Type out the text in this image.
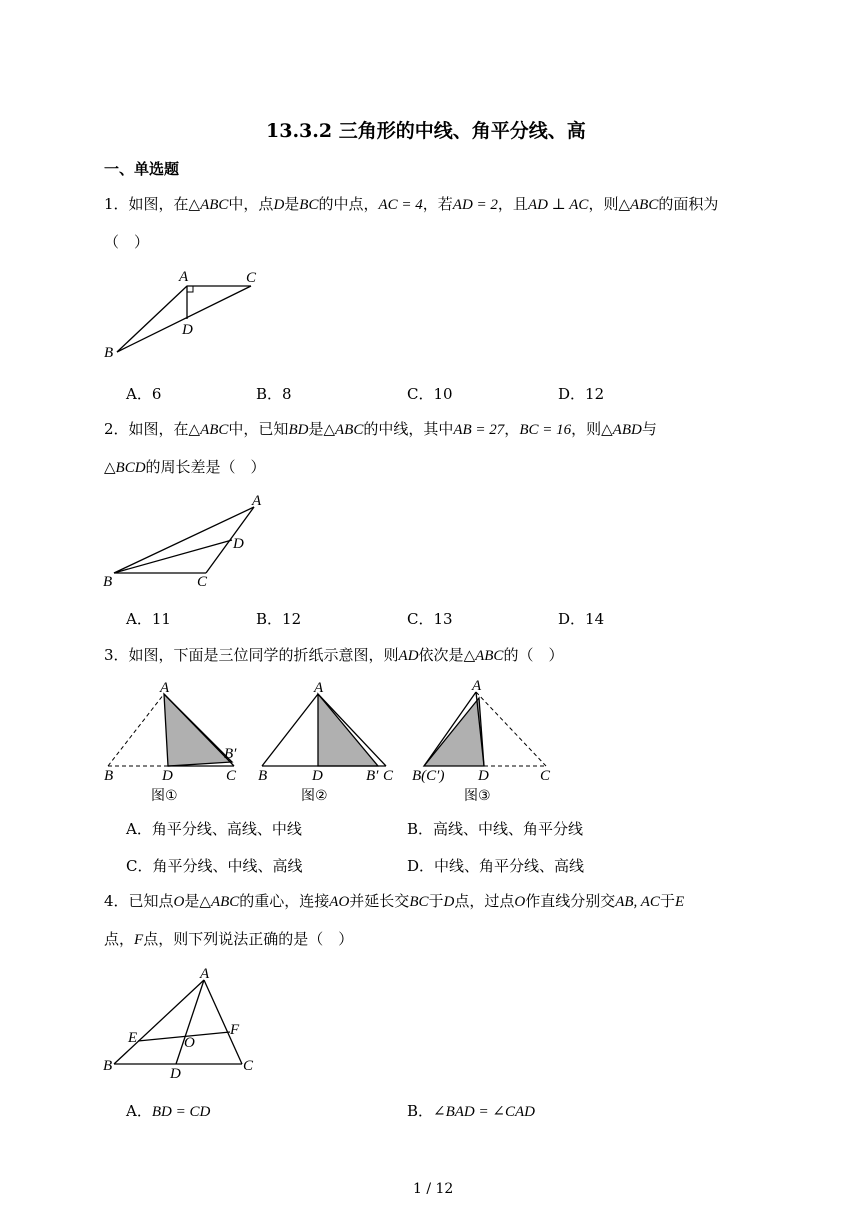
13.3.2 三角形的中线、角平分线、高
一、单选题
1．如图，在△ABC中，点D是BC的中点，AC = 4，若AD = 2，且AD ⊥ AC，则△ABC的面积为
（　）
A	C
D
B
A．6	B．8	C．10	D．12
2．如图，在△ABC中，已知BD是△ABC的中线，其中AB = 27，BC = 16，则△ABD与
△BCD的周长差是（　）
A
D
B	C
A．11	B．12	C．13	D．14
3．如图，下面是三位同学的折纸示意图，则AD依次是△ABC的（　）
A
B′
B	D	C
图①
A
B	D	B′ C
图②
A
B(C′) D	C
图③
A．角平分线、高线、中线	B．高线、中线、角平分线
C．角平分线、中线、高线	D．中线、角平分线、高线
4．已知点O是△ABC的重心，连接AO并延长交BC于D点，过点O作直线分别交AB, AC于E
点，F点，则下列说法正确的是（　）
A
E	F
O
B	D	C
A．BD = CD	B．∠BAD = ∠CAD
1 / 12
